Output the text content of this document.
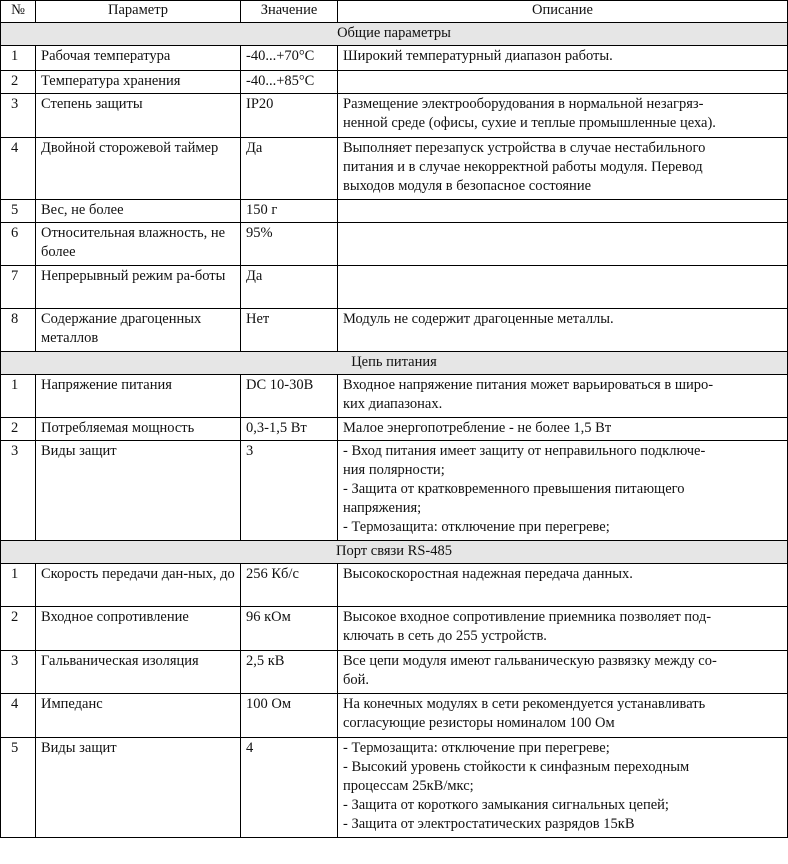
№	Параметр	Значение	Описание
Общие параметры			
1	Рабочая температура	-40...+70°C	Широкий температурный диапазон работы.

2	Температура хранения	-40...+85°C	
3	Степень защиты	IP20	Размещение электрооборудования в нормальной незагряз-
ненной среде (офисы, сухие и теплые промышленные цеха).

4	Двойной сторожевой таймер	Да	Выполняет перезапуск устройства в случае нестабильного
питания и в случае некорректной работы модуля. Перевод
выходов модуля в безопасное состояние

5	Вес, не более	150 г	
6	Относительная влажность, не более	95%	
7	Непрерывный режим ра-боты	Да	
8	Содержание драгоценных металлов	Нет	Модуль не содержит драгоценные металлы.

Цепь питания			
1	Напряжение питания	DC 10-30В	Входное напряжение питания может варьироваться в широ-
ких диапазонах.

2	Потребляемая мощность	0,3-1,5 Вт	Малое энергопотребление - не более 1,5 Вт

3	Виды защит	3	- Вход питания имеет защиту от неправильного подключе-
ния полярности;
- Защита от кратковременного превышения питающего
напряжения;
- Термозащита: отключение при перегреве;

Порт связи RS-485			
1	Скорость передачи дан-ных, до	256 Кб/с	Высокоскоростная надежная передача данных.

2	Входное сопротивление	96 кОм	Высокое входное сопротивление приемника позволяет под-
ключать в сеть до 255 устройств.

3	Гальваническая изоляция	2,5 кВ	Все цепи модуля имеют гальваническую развязку между со-
бой.

4	Импеданс	100 Ом	На конечных модулях в сети рекомендуется устанавливать
согласующие резисторы номиналом 100 Ом

5	Виды защит	4	- Термозащита: отключение при перегреве;
- Высокий уровень стойкости к синфазным переходным
процессам 25кВ/мкс;
- Защита от короткого замыкания сигнальных цепей;
- Защита от электростатических разрядов 15кВ
